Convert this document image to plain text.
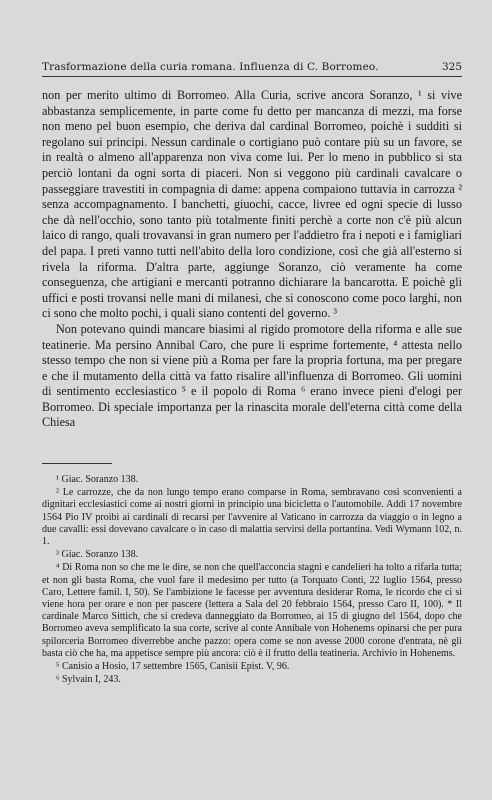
Trasformazione della curia romana. Influenza di C. Borromeo.	325

non per merito ultimo di Borromeo. Alla Curia, scrive ancora Soranzo, ¹ si vive abbastanza semplicemente, in parte come fu detto per mancanza di mezzi, ma forse non meno pel buon esempio, che deriva dal cardinal Borromeo, poichè i sudditi si regolano sui principi. Nessun cardinale o cortigiano può contare più su un favore, se in realtà o almeno all'apparenza non viva come lui. Per lo meno in pubblico si sta perciò lontani da ogni sorta di piaceri. Non si veggono più cardinali cavalcare o passeggiare travestiti in compagnia di dame: appena compaiono tuttavia in carrozza ² senza accompagnamento. I banchetti, giuochi, cacce, livree ed ogni specie di lusso che dà nell'occhio, sono tanto più totalmente finiti perchè a corte non c'è più alcun laico di rango, quali trovavansi in gran numero per l'addietro fra i nepoti e i famigliari del papa. I preti vanno tutti nell'abito della loro condizione, così che già all'esterno si rivela la riforma. D'altra parte, aggiunge Soranzo, ciò veramente ha come conseguenza, che artigiani e mercanti potranno dichiarare la bancarotta. E poichè gli uffici e posti trovansi nelle mani di milanesi, che si conoscono come poco larghi, non ci sono che molto pochi, i quali siano contenti del governo. ³

Non potevano quindi mancare biasimi al rigido promotore della riforma e alle sue teatinerie. Ma persino Annibal Caro, che pure li esprime fortemente, ⁴ attesta nello stesso tempo che non si viene più a Roma per fare la propria fortuna, ma per pregare e che il mutamento della città va fatto risalire all'influenza di Borromeo. Gli uomini di sentimento ecclesiastico ⁵ e il popolo di Roma ⁶ erano invece pieni d'elogi per Borromeo. Di speciale importanza per la rinascita morale dell'eterna città come della Chiesa

¹ Giac. Soranzo 138.

² Le carrozze, che da non lungo tempo erano comparse in Roma, sembravano così sconvenienti a dignitari ecclesiastici come ai nostri giorni in principio una bicicletta o l'automobile. Addì 17 novembre 1564 Pio IV proibì ai cardinali di recarsi per l'avvenire al Vaticano in carrozza da viaggio o in legno a due cavalli: essi dovevano cavalcare o in caso di malattia servirsi della portantina. Vedi Wymann 102, n. 1.

³ Giac. Soranzo 138.

⁴ Di Roma non so che me le dire, se non che quell'acconcia stagni e candelieri ha tolto a rifarla tutta; et non gli basta Roma, che vuol fare il medesimo per tutto (a Torquato Conti, 22 luglio 1564, presso Caro, Lettere famil. I, 50). Se l'ambizione le facesse per avventura desiderar Roma, le ricordo che ci si viene hora per orare e non per pascere (lettera a Sala del 20 febbraio 1564, presso Caro II, 100). * Il cardinale Marco Sittich, che si credeva danneggiato da Borromeo, ai 15 di giugno del 1564, dopo che Borromeo aveva semplificato la sua corte, scrive al conte Annibale von Hohenems opinarsi che per pura spilorceria Borromeo diverrebbe anche pazzo: opera come se non avesse 2000 corone d'entrata, nè gli basta ciò che ha, ma appetisce sempre più ancora: ciò è il frutto della teatineria. Archivio in Hohenems.

⁵ Canisio a Hosio, 17 settembre 1565, Canisii Epist. V, 96.

⁶ Sylvain I, 243.
